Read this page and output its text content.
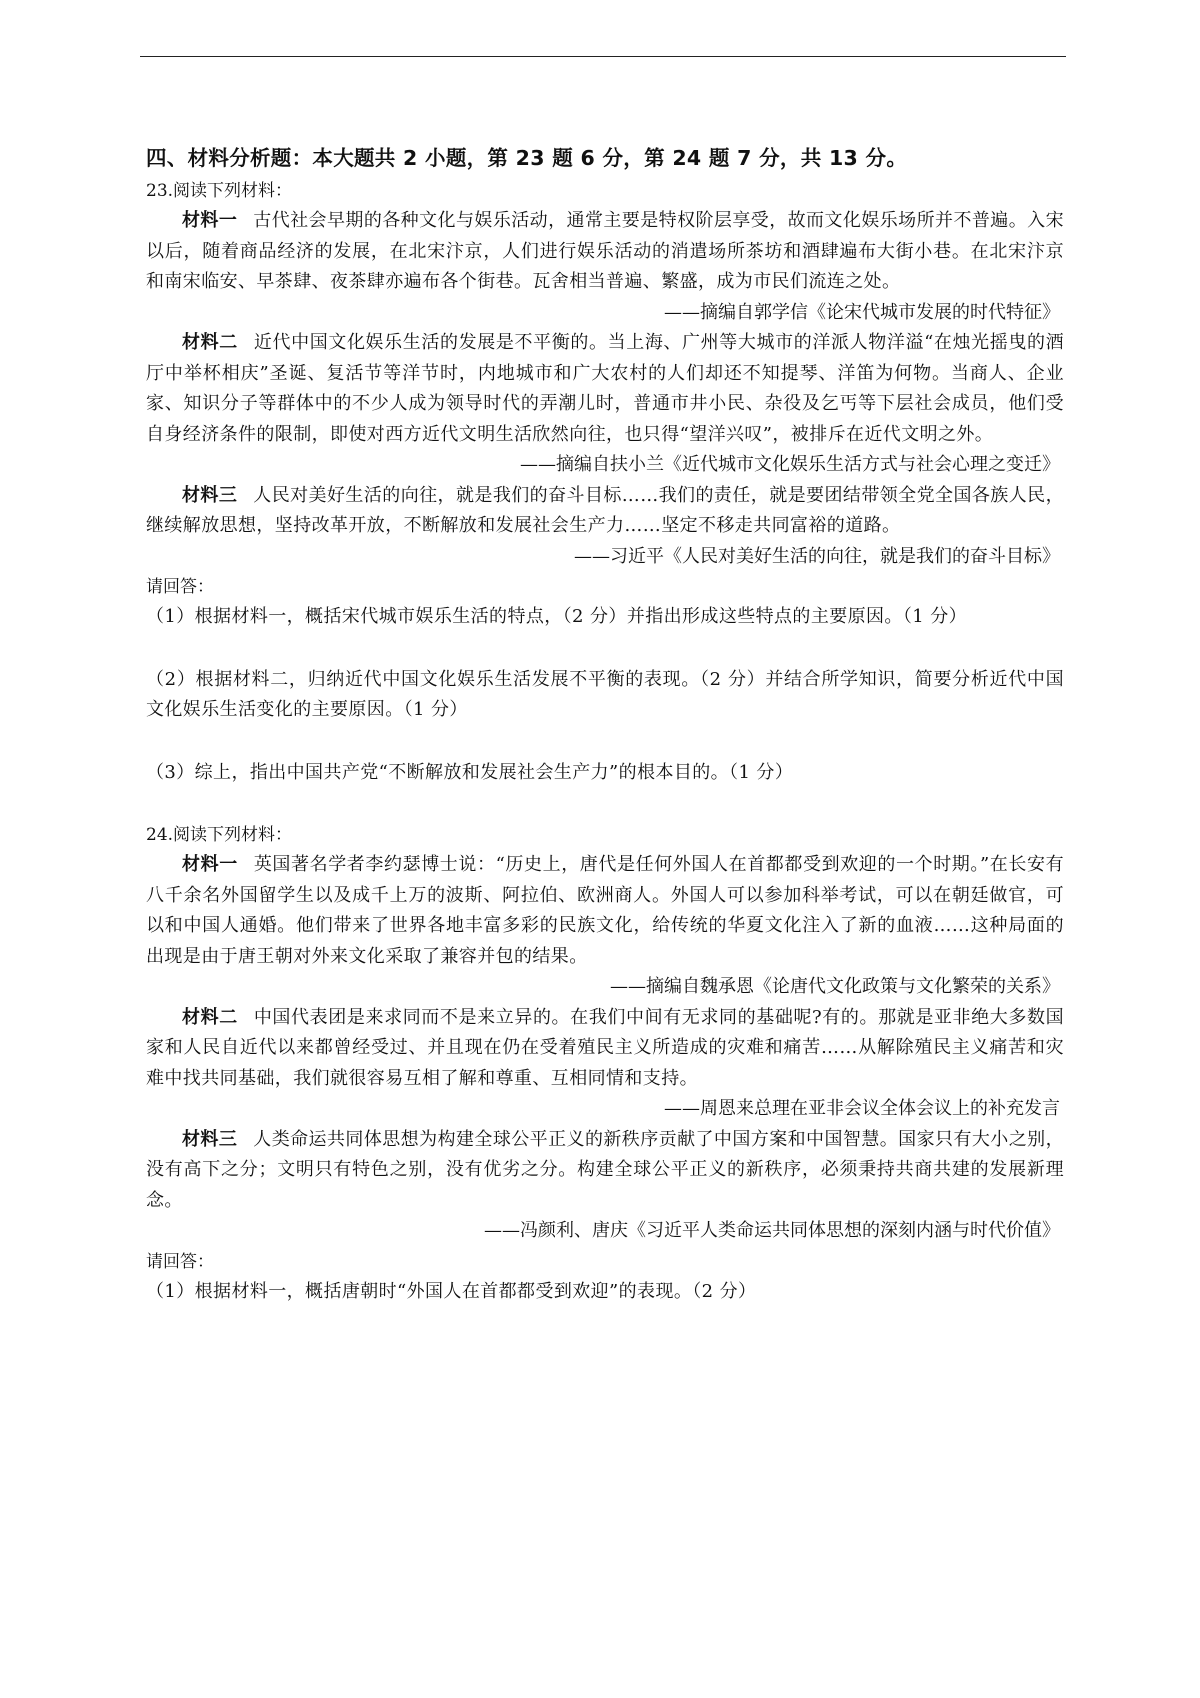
四、材料分析题：本大题共 2 小题，第 23 题 6 分，第 24 题 7 分，共 13 分。

23.阅读下列材料：

材料一 古代社会早期的各种文化与娱乐活动，通常主要是特权阶层享受，故而文化娱乐场所并不普遍。入宋以后，随着商品经济的发展，在北宋汴京，人们进行娱乐活动的消遣场所茶坊和酒肆遍布大街小巷。在北宋汴京和南宋临安、早茶肆、夜茶肆亦遍布各个街巷。瓦舍相当普遍、繁盛，成为市民们流连之处。

——摘编自郭学信《论宋代城市发展的时代特征》

材料二 近代中国文化娱乐生活的发展是不平衡的。当上海、广州等大城市的洋派人物洋溢“在烛光摇曳的酒厅中举杯相庆”圣诞、复活节等洋节时，内地城市和广大农村的人们却还不知提琴、洋笛为何物。当商人、企业家、知识分子等群体中的不少人成为领导时代的弄潮儿时，普通市井小民、杂役及乞丐等下层社会成员，他们受自身经济条件的限制，即使对西方近代文明生活欣然向往，也只得“望洋兴叹”，被排斥在近代文明之外。

——摘编自扶小兰《近代城市文化娱乐生活方式与社会心理之变迁》

材料三 人民对美好生活的向往，就是我们的奋斗目标……我们的责任，就是要团结带领全党全国各族人民，继续解放思想，坚持改革开放，不断解放和发展社会生产力……坚定不移走共同富裕的道路。

——习近平《人民对美好生活的向往，就是我们的奋斗目标》

请回答：

（1）根据材料一，概括宋代城市娱乐生活的特点，（2 分）并指出形成这些特点的主要原因。（1 分）

（2）根据材料二，归纳近代中国文化娱乐生活发展不平衡的表现。（2 分）并结合所学知识，简要分析近代中国文化娱乐生活变化的主要原因。（1 分）

（3）综上，指出中国共产党“不断解放和发展社会生产力”的根本目的。（1 分）

24.阅读下列材料：

材料一 英国著名学者李约瑟博士说：“历史上，唐代是任何外国人在首都都受到欢迎的一个时期。”在长安有八千余名外国留学生以及成千上万的波斯、阿拉伯、欧洲商人。外国人可以参加科举考试，可以在朝廷做官，可以和中国人通婚。他们带来了世界各地丰富多彩的民族文化，给传统的华夏文化注入了新的血液……这种局面的出现是由于唐王朝对外来文化采取了兼容并包的结果。

——摘编自魏承恩《论唐代文化政策与文化繁荣的关系》

材料二 中国代表团是来求同而不是来立异的。在我们中间有无求同的基础呢?有的。那就是亚非绝大多数国家和人民自近代以来都曾经受过、并且现在仍在受着殖民主义所造成的灾难和痛苦……从解除殖民主义痛苦和灾难中找共同基础，我们就很容易互相了解和尊重、互相同情和支持。

——周恩来总理在亚非会议全体会议上的补充发言

材料三 人类命运共同体思想为构建全球公平正义的新秩序贡献了中国方案和中国智慧。国家只有大小之别，没有高下之分；文明只有特色之别，没有优劣之分。构建全球公平正义的新秩序，必须秉持共商共建的发展新理念。

——冯颜利、唐庆《习近平人类命运共同体思想的深刻内涵与时代价值》

请回答：

（1）根据材料一，概括唐朝时“外国人在首都都受到欢迎”的表现。（2 分）
